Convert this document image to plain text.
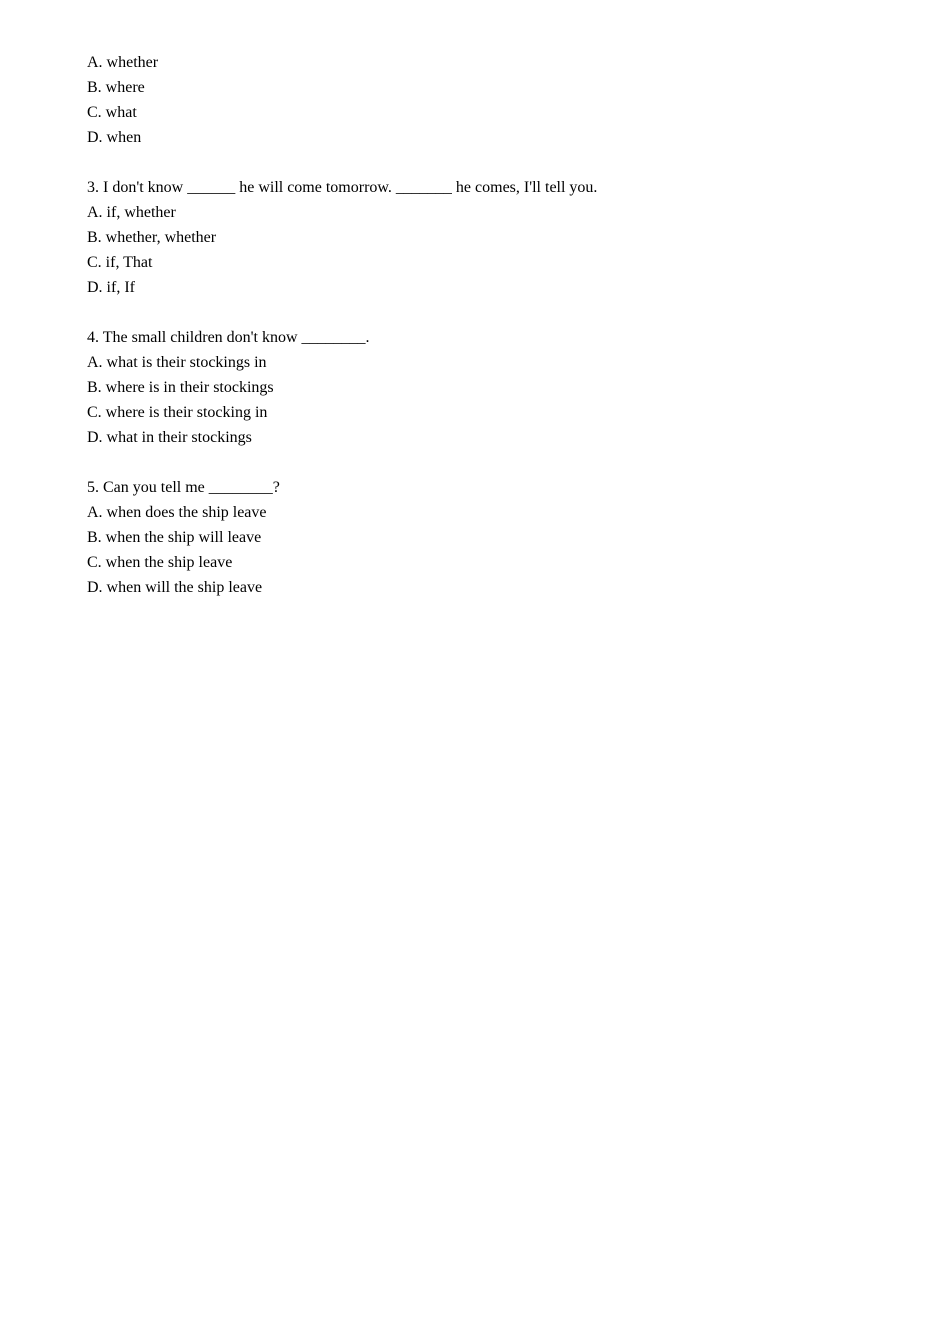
A. whether
B. where
C. what
D. when
3. I don't know ______ he will come tomorrow. _______ he comes, I'll tell you.
A. if, whether
B. whether, whether
C. if, That
D. if, If
4. The small children don't know ________.
A. what is their stockings in
B. where is in their stockings
C. where is their stocking in
D. what in their stockings
5. Can you tell me ________?
A. when does the ship leave
B. when the ship will leave
C. when the ship leave
D. when will the ship leave
